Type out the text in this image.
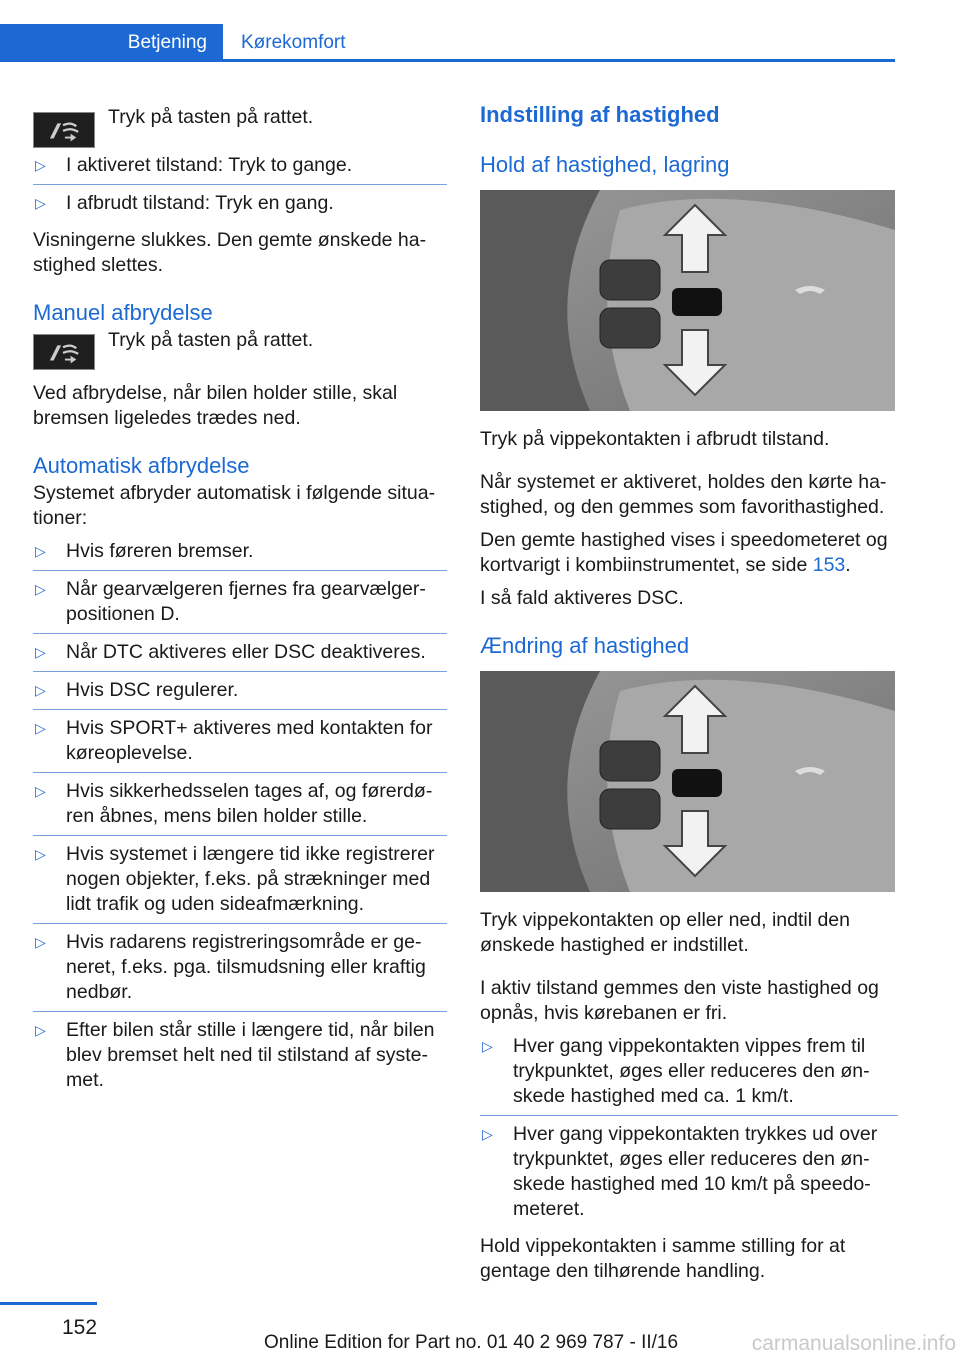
Betjening	Kørekomfort
Tryk på tasten på rattet.
▷ I aktiveret tilstand: Tryk to gange.
▷ I afbrudt tilstand: Tryk en gang.

Visningerne slukkes. Den gemte ønskede hastighed slettes.

Manuel afbrydelse
Tryk på tasten på rattet.

Ved afbrydelse, når bilen holder stille, skal bremsen ligeledes trædes ned.

Automatisk afbrydelse

Systemet afbryder automatisk i følgende situationer:

▷ Hvis føreren bremser.
▷ Når gearvælgeren fjernes fra gearvælgerpositionen D.
▷ Når DTC aktiveres eller DSC deaktiveres.
▷ Hvis DSC regulerer.
▷ Hvis SPORT+ aktiveres med kontakten for køreoplevelse.
▷ Hvis sikkerhedsselen tages af, og førerdøren åbnes, mens bilen holder stille.
▷ Hvis systemet i længere tid ikke registrerer nogen objekter, f.eks. på strækninger med lidt trafik og uden sideafmærkning.
▷ Hvis radarens registreringsområde er generet, f.eks. pga. tilsmudsning eller kraftig nedbør.
▷ Efter bilen står stille i længere tid, når bilen blev bremset helt ned til stilstand af systemet.
Indstilling af hastighed
Hold af hastighed, lagring

Tryk på vippekontakten i afbrudt tilstand.

Når systemet er aktiveret, holdes den kørte hastighed, og den gemmes som favorithastighed.

Den gemte hastighed vises i speedometeret og kortvarigt i kombiinstrumentet, se side 153.

I så fald aktiveres DSC.

Ændring af hastighed

Tryk vippekontakten op eller ned, indtil den ønskede hastighed er indstillet.

I aktiv tilstand gemmes den viste hastighed og opnås, hvis kørebanen er fri.

▷ Hver gang vippekontakten vippes frem til trykpunktet, øges eller reduceres den ønskede hastighed med ca. 1 km/t.
▷ Hver gang vippekontakten trykkes ud over trykpunktet, øges eller reduceres den ønskede hastighed med 10 km/t på speedometeret.

Hold vippekontakten i samme stilling for at gentage den tilhørende handling.

152
Online Edition for Part no. 01 40 2 969 787 - II/16	carmanualsonline.info
